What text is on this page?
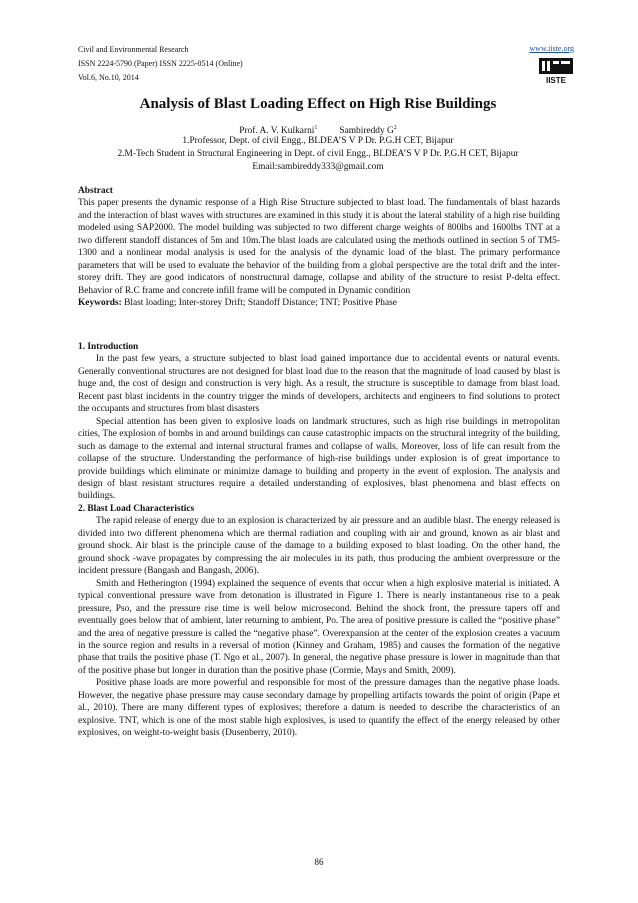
Civil and Environmental Research
ISSN 2224-5790 (Paper) ISSN 2225-0514 (Online)
Vol.6, No.10, 2014
www.iiste.org
IISTE
Analysis of Blast Loading Effect on High Rise Buildings
Prof. A. V. Kulkarni$^1$ Sambireddy $G^2$
1.Professor, Dept. of civil Engg., BLDEA’S V P Dr. P.G.H CET, Bijapur
2.M-Tech Student in Structural Engineering in Dept. of civil Engg., BLDEA’S V P Dr. P.G.H CET, Bijapur
Email:sambireddy333@gmail.com

Abstract

This paper presents the dynamic response of a High Rise Structure subjected to blast load. The fundamentals of blast hazards and the interaction of blast waves with structures are examined in this study it is about the lateral stability of a high rise building modeled using SAP2000. The model building was subjected to two different charge weights of 800lbs and 1600lbs TNT at a two different standoff distances of 5m and 10m.The blast loads are calculated using the methods outlined in section 5 of TM5-1300 and a nonlinear modal analysis is used for the analysis of the dynamic load of the blast. The primary performance parameters that will be used to evaluate the behavior of the building from a global perspective are the total drift and the inter-storey drift. They are good indicators of nonstructural damage, collapse and ability of the structure to resist P-delta effect. Behavior of R.C frame and concrete infill frame will be computed in Dynamic condition

Keywords: Blast loading; Inter-storey Drift; Standoff Distance; TNT; Positive Phase

1. Introduction

In the past few years, a structure subjected to blast load gained importance due to accidental events or natural events. Generally conventional structures are not designed for blast load due to the reason that the magnitude of load caused by blast is huge and, the cost of design and construction is very high. As a result, the structure is susceptible to damage from blast load. Recent past blast incidents in the country trigger the minds of developers, architects and engineers to find solutions to protect the occupants and structures from blast disasters

Special attention has been given to explosive loads on landmark structures, such as high rise buildings in metropolitan cities, The explosion of bombs in and around buildings can cause catastrophic impacts on the structural integrity of the building, such as damage to the external and internal structural frames and collapse of walls. Moreover, loss of life can result from the collapse of the structure. Understanding the performance of high-rise buildings under explosion is of great importance to provide buildings which eliminate or minimize damage to building and property in the event of explosion. The analysis and design of blast resistant structures require a detailed understanding of explosives, blast phenomena and blast effects on buildings.

2. Blast Load Characteristics

The rapid release of energy due to an explosion is characterized by air pressure and an audible blast. The energy released is divided into two different phenomena which are thermal radiation and coupling with air and ground, known as air blast and ground shock. Air blast is the principle cause of the damage to a building exposed to blast loading. On the other hand, the ground shock -wave propagates by compressing the air molecules in its path, thus producing the ambient overpressure or the incident pressure (Bangash and Bangash, 2006).

Smith and Hetherington (1994) explained the sequence of events that occur when a high explosive material is initiated. A typical conventional pressure wave from detonation is illustrated in Figure 1. There is nearly instantaneous rise to a peak pressure, Pso, and the pressure rise time is well below microsecond. Behind the shock front, the pressure tapers off and eventually goes below that of ambient, later returning to ambient, Po. The area of positive pressure is called the “positive phase” and the area of negative pressure is called the “negative phase”. Overexpansion at the center of the explosion creates a vacuum in the source region and results in a reversal of motion (Kinney and Graham, 1985) and causes the formation of the negative phase that trails the positive phase (T. Ngo et al., 2007). In general, the negative phase pressure is lower in magnitude than that of the positive phase but longer in duration than the positive phase (Cormie, Mays and Smith, 2009).

Positive phase loads are more powerful and responsible for most of the pressure damages than the negative phase loads. However, the negative phase pressure may cause secondary damage by propelling artifacts towards the point of origin (Pape et al., 2010). There are many different types of explosives; therefore a datum is needed to describe the characteristics of an explosive. TNT, which is one of the most stable high explosives, is used to quantify the effect of the energy released by other explosives, on weight-to-weight basis (Dusenberry, 2010).

86
